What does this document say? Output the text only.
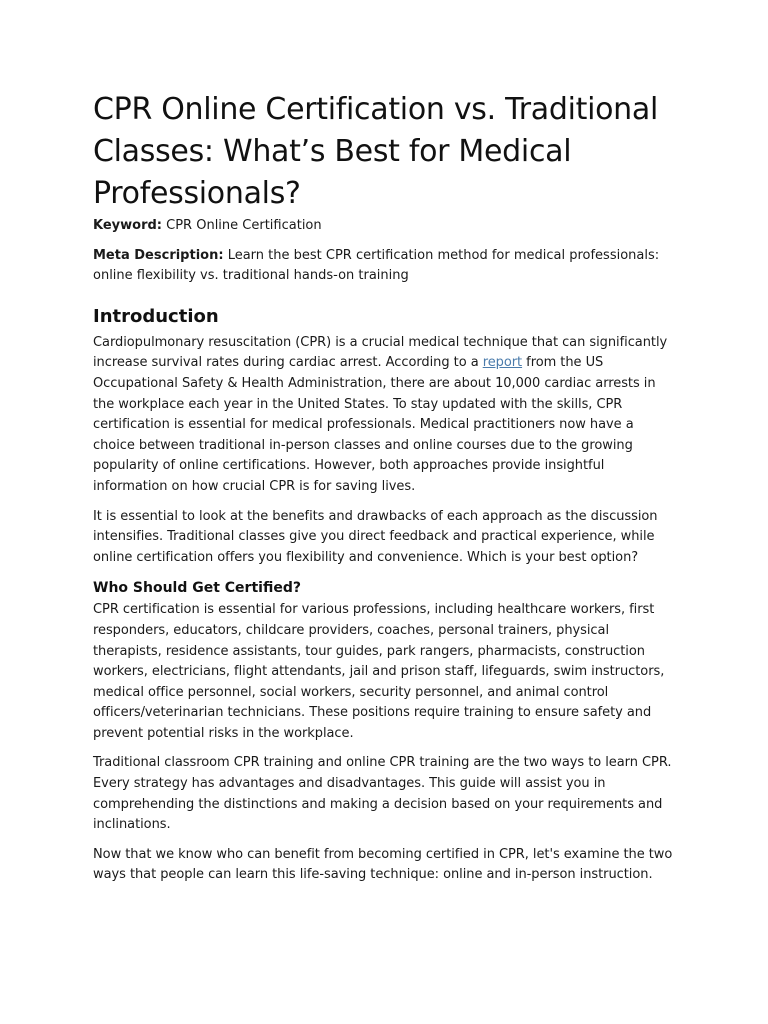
CPR Online Certification vs. Traditional Classes: What’s Best for Medical Professionals?

Keyword: CPR Online Certification

Meta Description: Learn the best CPR certification method for medical professionals: online flexibility vs. traditional hands-on training

Introduction

Cardiopulmonary resuscitation (CPR) is a crucial medical technique that can significantly increase survival rates during cardiac arrest. According to a report from the US Occupational Safety & Health Administration, there are about 10,000 cardiac arrests in the workplace each year in the United States. To stay updated with the skills, CPR certification is essential for medical professionals. Medical practitioners now have a choice between traditional in-person classes and online courses due to the growing popularity of online certifications. However, both approaches provide insightful information on how crucial CPR is for saving lives.

It is essential to look at the benefits and drawbacks of each approach as the discussion intensifies. Traditional classes give you direct feedback and practical experience, while online certification offers you flexibility and convenience. Which is your best option?

Who Should Get Certified?

CPR certification is essential for various professions, including healthcare workers, first responders, educators, childcare providers, coaches, personal trainers, physical therapists, residence assistants, tour guides, park rangers, pharmacists, construction workers, electricians, flight attendants, jail and prison staff, lifeguards, swim instructors, medical office personnel, social workers, security personnel, and animal control officers/veterinarian technicians. These positions require training to ensure safety and prevent potential risks in the workplace.

Traditional classroom CPR training and online CPR training are the two ways to learn CPR. Every strategy has advantages and disadvantages. This guide will assist you in comprehending the distinctions and making a decision based on your requirements and inclinations.

Now that we know who can benefit from becoming certified in CPR, let's examine the two ways that people can learn this life-saving technique: online and in-person instruction.
